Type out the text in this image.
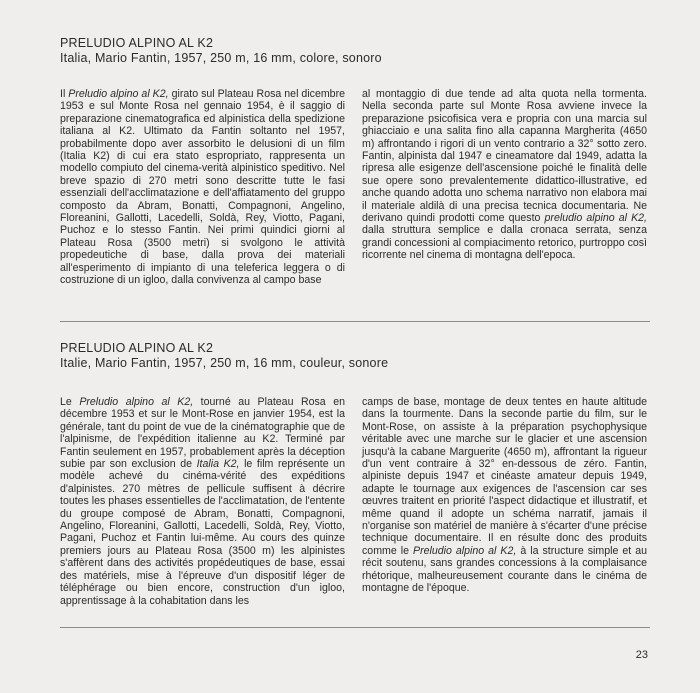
PRELUDIO ALPINO AL K2
Italia, Mario Fantin, 1957, 250 m, 16 mm, colore, sonoro
Il Preludio alpino al K2, girato sul Plateau Rosa nel dicembre 1953 e sul Monte Rosa nel gennaio 1954, è il saggio di preparazione cinematografica ed alpinistica della spedizione italiana al K2. Ultimato da Fantin soltanto nel 1957, probabilmente dopo aver assorbito le delusioni di un film (Italia K2) di cui era stato espropriato, rappresenta un modello compiuto del cinema-verità alpinistico speditivo. Nel breve spazio di 270 metri sono descritte tutte le fasi essenziali dell'acclimatazione e dell'affiatamento del gruppo composto da Abram, Bonatti, Compagnoni, Angelino, Floreanini, Gallotti, Lacedelli, Soldà, Rey, Viotto, Pagani, Puchoz e lo stesso Fantin. Nei primi quindici giorni al Plateau Rosa (3500 metri) si svolgono le attività propedeutiche di base, dalla prova dei materiali all'esperimento di impianto di una teleferica leggera o di costruzione di un igloo, dalla convivenza al campo base
al montaggio di due tende ad alta quota nella tormenta. Nella seconda parte sul Monte Rosa avviene invece la preparazione psicofisica vera e propria con una marcia sul ghiacciaio e una salita fino alla capanna Margherita (4650 m) affrontando i rigori di un vento contrario a 32° sotto zero. Fantin, alpinista dal 1947 e cineamatore dal 1949, adatta la ripresa alle esigenze dell'ascensione poiché le finalità delle sue opere sono prevalentemente didattico-illustrative, ed anche quando adotta uno schema narrativo non elabora mai il materiale aldilà di una precisa tecnica documentaria. Ne derivano quindi prodotti come questo preludio alpino al K2, dalla struttura semplice e dalla cronaca serrata, senza grandi concessioni al compiacimento retorico, purtroppo così ricorrente nel cinema di montagna dell'epoca.
PRELUDIO ALPINO AL K2
Italie, Mario Fantin, 1957, 250 m, 16 mm, couleur, sonore
Le Preludio alpino al K2, tourné au Plateau Rosa en décembre 1953 et sur le Mont-Rose en janvier 1954, est la générale, tant du point de vue de la cinématographie que de l'alpinisme, de l'expédition italienne au K2. Terminé par Fantin seulement en 1957, probablement après la déception subie par son exclusion de Italia K2, le film représente un modèle achevé du cinéma-vérité des expéditions d'alpinistes. 270 mètres de pellicule suffisent à décrire toutes les phases essentielles de l'acclimatation, de l'entente du groupe composé de Abram, Bonatti, Compagnoni, Angelino, Floreanini, Gallotti, Lacedelli, Soldà, Rey, Viotto, Pagani, Puchoz et Fantin lui-même. Au cours des quinze premiers jours au Plateau Rosa (3500 m) les alpinistes s'affèrent dans des activités propédeutiques de base, essai des matériels, mise à l'épreuve d'un dispositif léger de téléphérage ou bien encore, construction d'un igloo, apprentissage à la cohabitation dans les
camps de base, montage de deux tentes en haute altitude dans la tourmente. Dans la seconde partie du film, sur le Mont-Rose, on assiste à la préparation psychophysique véritable avec une marche sur le glacier et une ascension jusqu'à la cabane Marguerite (4650 m), affrontant la rigueur d'un vent contraire à 32° en-dessous de zéro. Fantin, alpiniste depuis 1947 et cinéaste amateur depuis 1949, adapte le tournage aux exigences de l'ascension car ses œuvres traitent en priorité l'aspect didactique et illustratif, et même quand il adopte un schéma narratif, jamais il n'organise son matériel de manière à s'écarter d'une précise technique documentaire. Il en résulte donc des produits comme le Preludio alpino al K2, à la structure simple et au récit soutenu, sans grandes concessions à la complaisance rhétorique, malheureusement courante dans le cinéma de montagne de l'époque.
23
